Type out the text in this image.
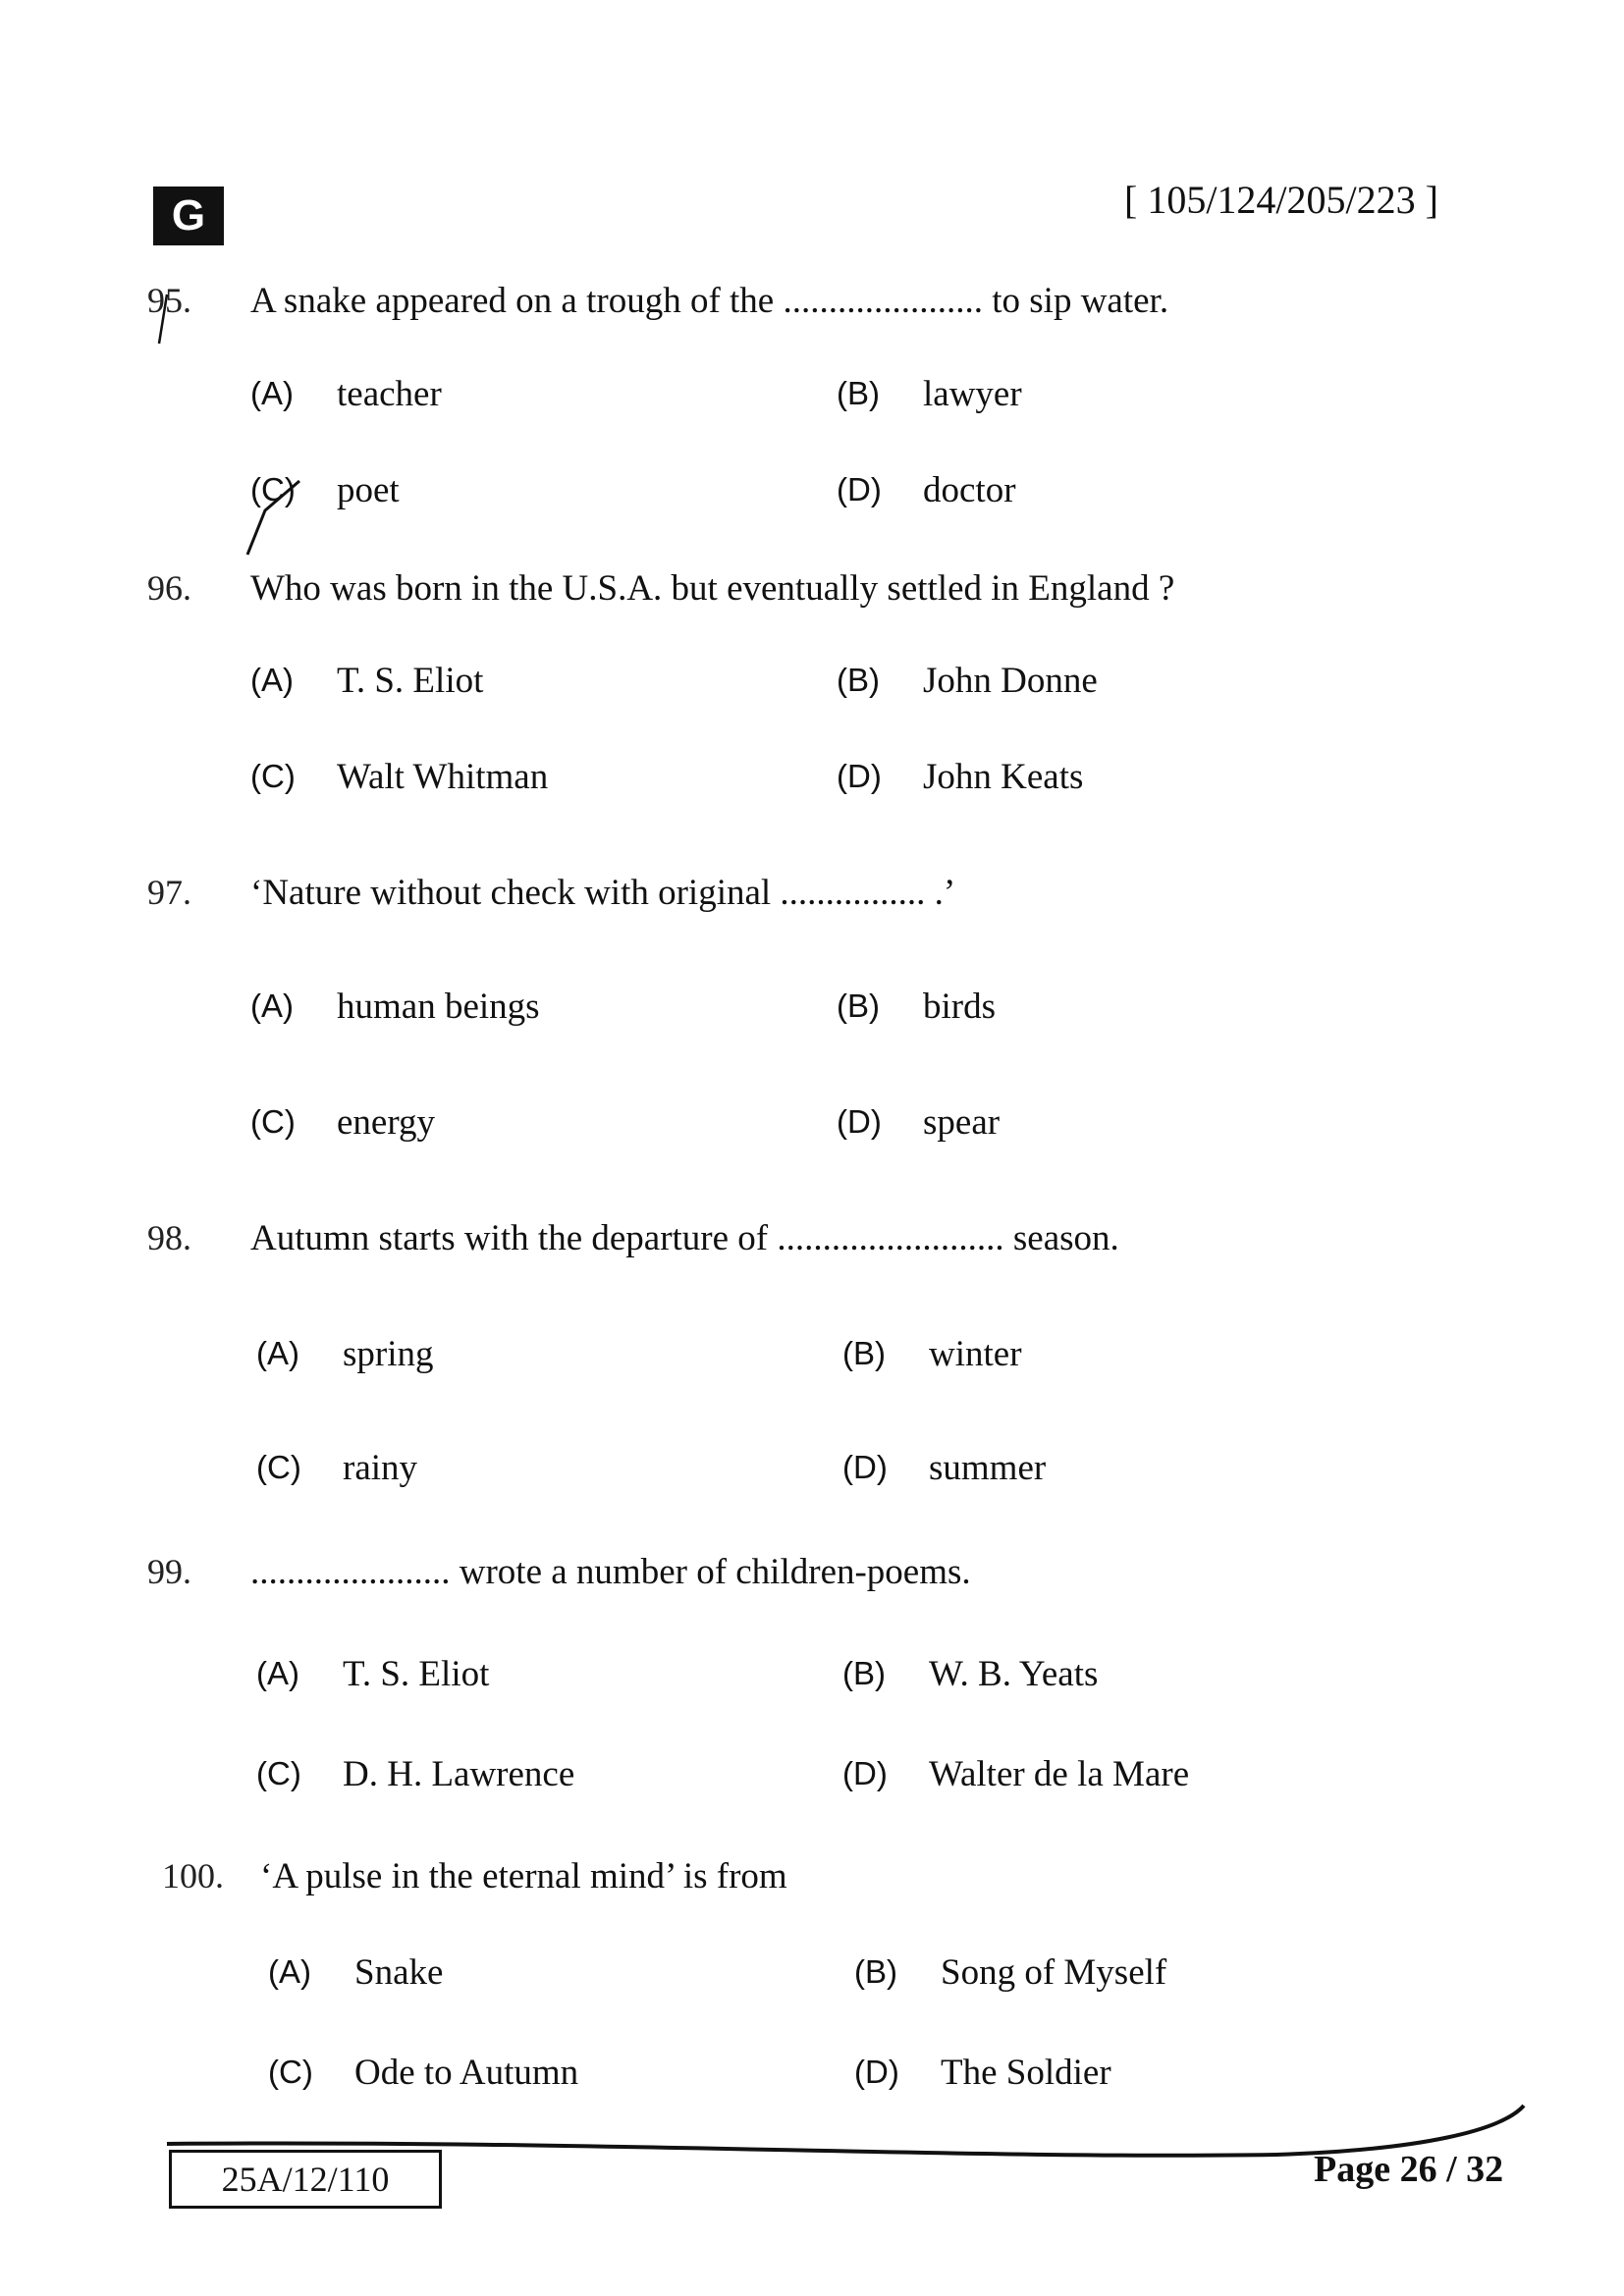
G	[ 105/124/205/223 ]
95. A snake appeared on a trough of the ...................... to sip water.
(A) teacher	(B) lawyer
(C) poet	(D) doctor
96. Who was born in the U.S.A. but eventually settled in England ?
(A) T. S. Eliot	(B) John Donne
(C) Walt Whitman	(D) John Keats
97. ‘Nature without check with original ................ .’
(A) human beings	(B) birds
(C) energy	(D) spear
98. Autumn starts with the departure of ......................... season.
(A) spring	(B) winter
(C) rainy	(D) summer
99. ...................... wrote a number of children-poems.
(A) T. S. Eliot	(B) W. B. Yeats
(C) D. H. Lawrence	(D) Walter de la Mare
100. ‘A pulse in the eternal mind’ is from
(A) Snake	(B) Song of Myself
(C) Ode to Autumn	(D) The Soldier
25A/12/110	Page 26 / 32
